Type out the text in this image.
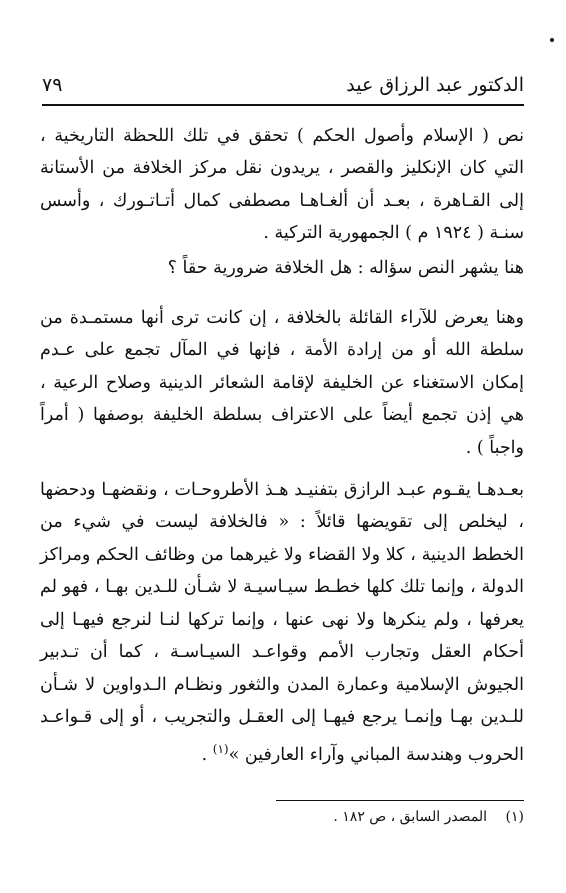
الدكتور عبد الرزاق عيد
٧٩

نص ( الإسلام وأصول الحكم ) تحقق في تلك اللحظة التاريخية ، التي كان الإنكليز والقصر ، يريدون نقل مركز الخلافة من الأستانة إلى القـاهرة ، بعـد أن ألغـاهـا مصطفى كمال أتـاتـورك ، وأسس سنـة ( ١٩٢٤ م ) الجمهورية التركية .

هنا يشهر النص سؤاله : هل الخلافة ضرورية حقاً ؟

وهنا يعرض للآراء القائلة بالخلافة ، إن كانت ترى أنها مستمـدة من سلطة الله أو من إرادة الأمة ، فإنها في المآل تجمع على عـدم إمكان الاستغناء عن الخليفة لإقامة الشعائر الدينية وصلاح الرعية ، هي إذن تجمع أيضاً على الاعتراف بسلطة الخليفة بوصفها ( أمراً واجباً ) .

بعـدهـا يقـوم عبـد الرازق بتفنيـد هـذ الأطروحـات ، ونقضهـا ودحضها ، ليخلص إلى تقويضها قائلاً : « فالخلافة ليست في شيء من الخطط الدينية ، كلا ولا القضاء ولا غيرهما من وظائف الحكم ومراكز الدولة ، وإنما تلك كلها خطـط سيـاسيـة لا شـأن للـدين بهـا ، فهو لم يعرفها ، ولم ينكرها ولا نهى عنها ، وإنما تركها لنـا لنرجع فيهـا إلى أحكام العقل وتجارب الأمم وقواعـد السيـاسـة ، كما أن تـدبير الجيوش الإسلامية وعمارة المدن والثغور ونظـام الـدواوين لا شـأن للـدين بهـا وإنمـا يرجع فيهـا إلى العقـل والتجريب ، أو إلى قـواعـد الحروب وهندسة المباني وآراء العارفين »$^{(١)}$ .

(١) المصدر السابق ، ص ١٨٢ .
